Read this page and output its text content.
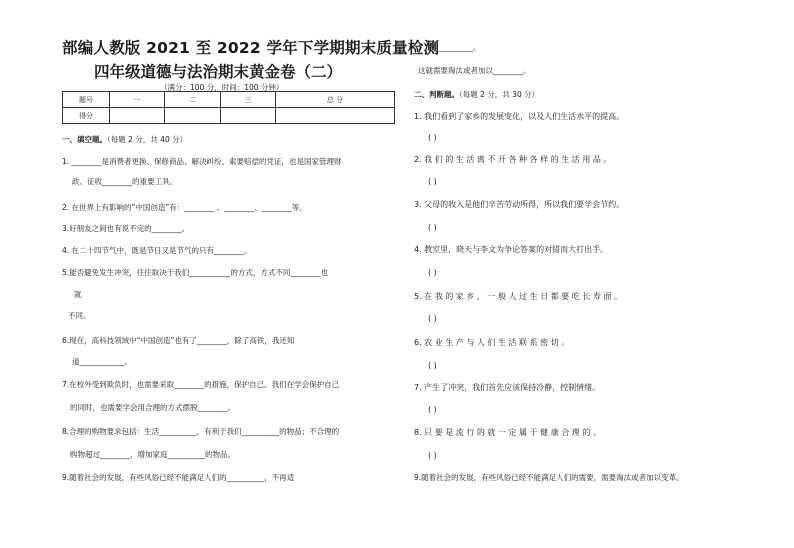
部编人教版 2021 至 2022 学年下学期期末质量检测
四年级道德与法治期末黄金卷（二）
（满分：100 分，时间：100 分钟）
题号	一	二	三	总 分
得分				
一、填空题。（每题 2 分，共 40 分）
1. ________是消费者更换、保修商品、解决纠纷、索要赔偿的凭证，也是国家管理财
政、征收________的重要工具。
2. 在世界上有影响的“中国创造”有：________ 、________、________等。
3.好朋友之间也有说不完的________。
4. 在二十四节气中，既是节日又是节气的只有________。
5.能否避免发生冲突，往往取决于我们___________的方式，方式不同________也
就
不同。
6.现在，高科技领域中“中国创造”也有了________，除了高铁，我还知
道____________。
7.在校外受到欺负时，也需要采取________的措施，保护自己。我们在学会保护自己
的同时，也需要学会用合理的方式摆脱________。
8.合理的购物要求包括：生活__________，有利于我们__________的物品；不合理的
购物超过________，增加家庭__________的物品。
9.随着社会的发展，有些风俗已经不能满足人们的__________，不再适
应__________。
这就需要淘汰或者加以________。
二、判断题。（每题 2 分，共 30 分）
1. 我们看到了家乡的发展变化，以及人们生活水平的提高。
( )
2. 我 们 的 生 活 离 不 开 各 种 各 样 的 生 活 用 品 。
( )
3. 父母的收入是他们辛苦劳动所得，所以我们要学会节约。
( )
4. 教室里，晓天与李文为争论答案的对错而大打出手。
( )
5. 在 我 的 家 乡 ， 一 般 人 过 生 日 都 要 吃 长 寿 面 。
( )
6. 农 业 生 产 与 人 们 生 活 联 系 密 切 。
( )
7. 产生了冲突，我们首先应该保持冷静，控制情绪。
( )
8. 只 要 是 流 行 的 就 一 定 属 于 健 康 合 理 的 。
( )
9.随着社会的发展，有些风俗已经不能满足人们的需要，需要淘汰或者加以变革。
